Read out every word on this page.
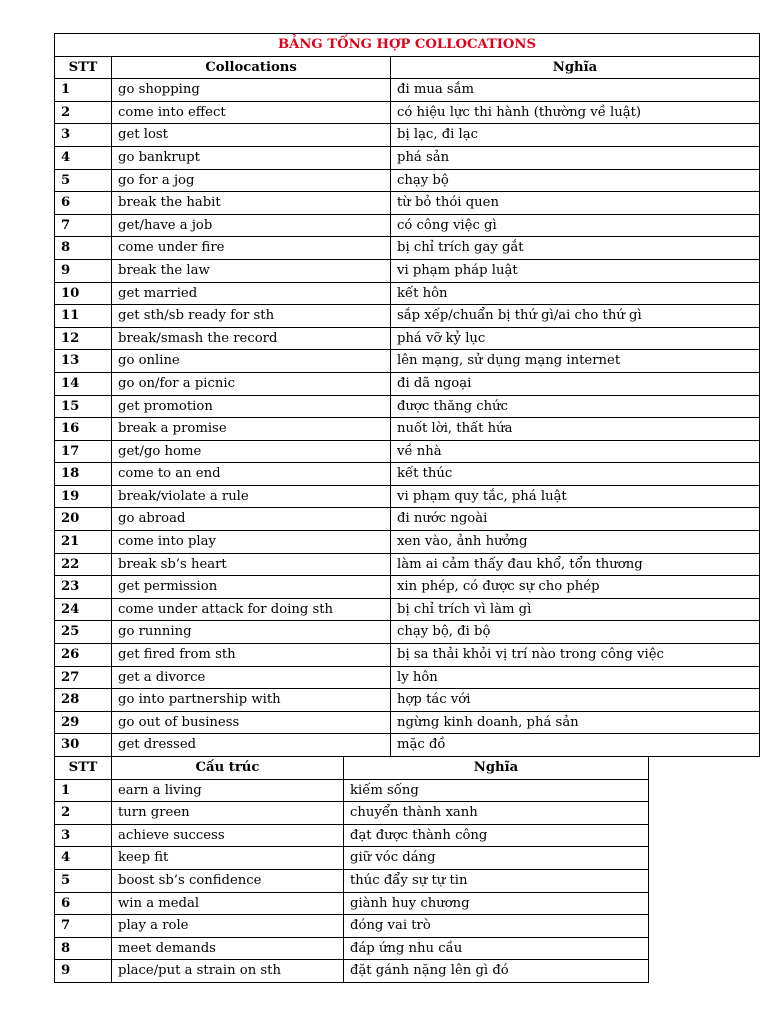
BẢNG TỔNG HỢP COLLOCATIONS		
STT	Collocations	Nghĩa
1	go shopping	đi mua sắm
2	come into effect	có hiệu lực thi hành (thường về luật)
3	get lost	bị lạc, đi lạc
4	go bankrupt	phá sản
5	go for a jog	chạy bộ
6	break the habit	từ bỏ thói quen
7	get/have a job	có công việc gì
8	come under fire	bị chỉ trích gay gắt
9	break the law	vi phạm pháp luật
10	get married	kết hôn
11	get sth/sb ready for sth	sắp xếp/chuẩn bị thứ gì/ai cho thứ gì
12	break/smash the record	phá vỡ kỷ lục
13	go online	lên mạng, sử dụng mạng internet
14	go on/for a picnic	đi dã ngoại
15	get promotion	được thăng chức
16	break a promise	nuốt lời, thất hứa
17	get/go home	về nhà
18	come to an end	kết thúc
19	break/violate a rule	vi phạm quy tắc, phá luật
20	go abroad	đi nước ngoài
21	come into play	xen vào, ảnh hưởng
22	break sb’s heart	làm ai cảm thấy đau khổ, tổn thương
23	get permission	xin phép, có được sự cho phép
24	come under attack for doing sth	bị chỉ trích vì làm gì
25	go running	chạy bộ, đi bộ
26	get fired from sth	bị sa thải khỏi vị trí nào trong công việc
27	get a divorce	ly hôn
28	go into partnership with	hợp tác với
29	go out of business	ngừng kinh doanh, phá sản
30	get dressed	mặc đồ
STT	Cấu trúc	Nghĩa
1	earn a living	kiếm sống
2	turn green	chuyển thành xanh
3	achieve success	đạt được thành công
4	keep fit	giữ vóc dáng
5	boost sb’s confidence	thúc đẩy sự tự tin
6	win a medal	giành huy chương
7	play a role	đóng vai trò
8	meet demands	đáp ứng nhu cầu
9	place/put a strain on sth	đặt gánh nặng lên gì đó
